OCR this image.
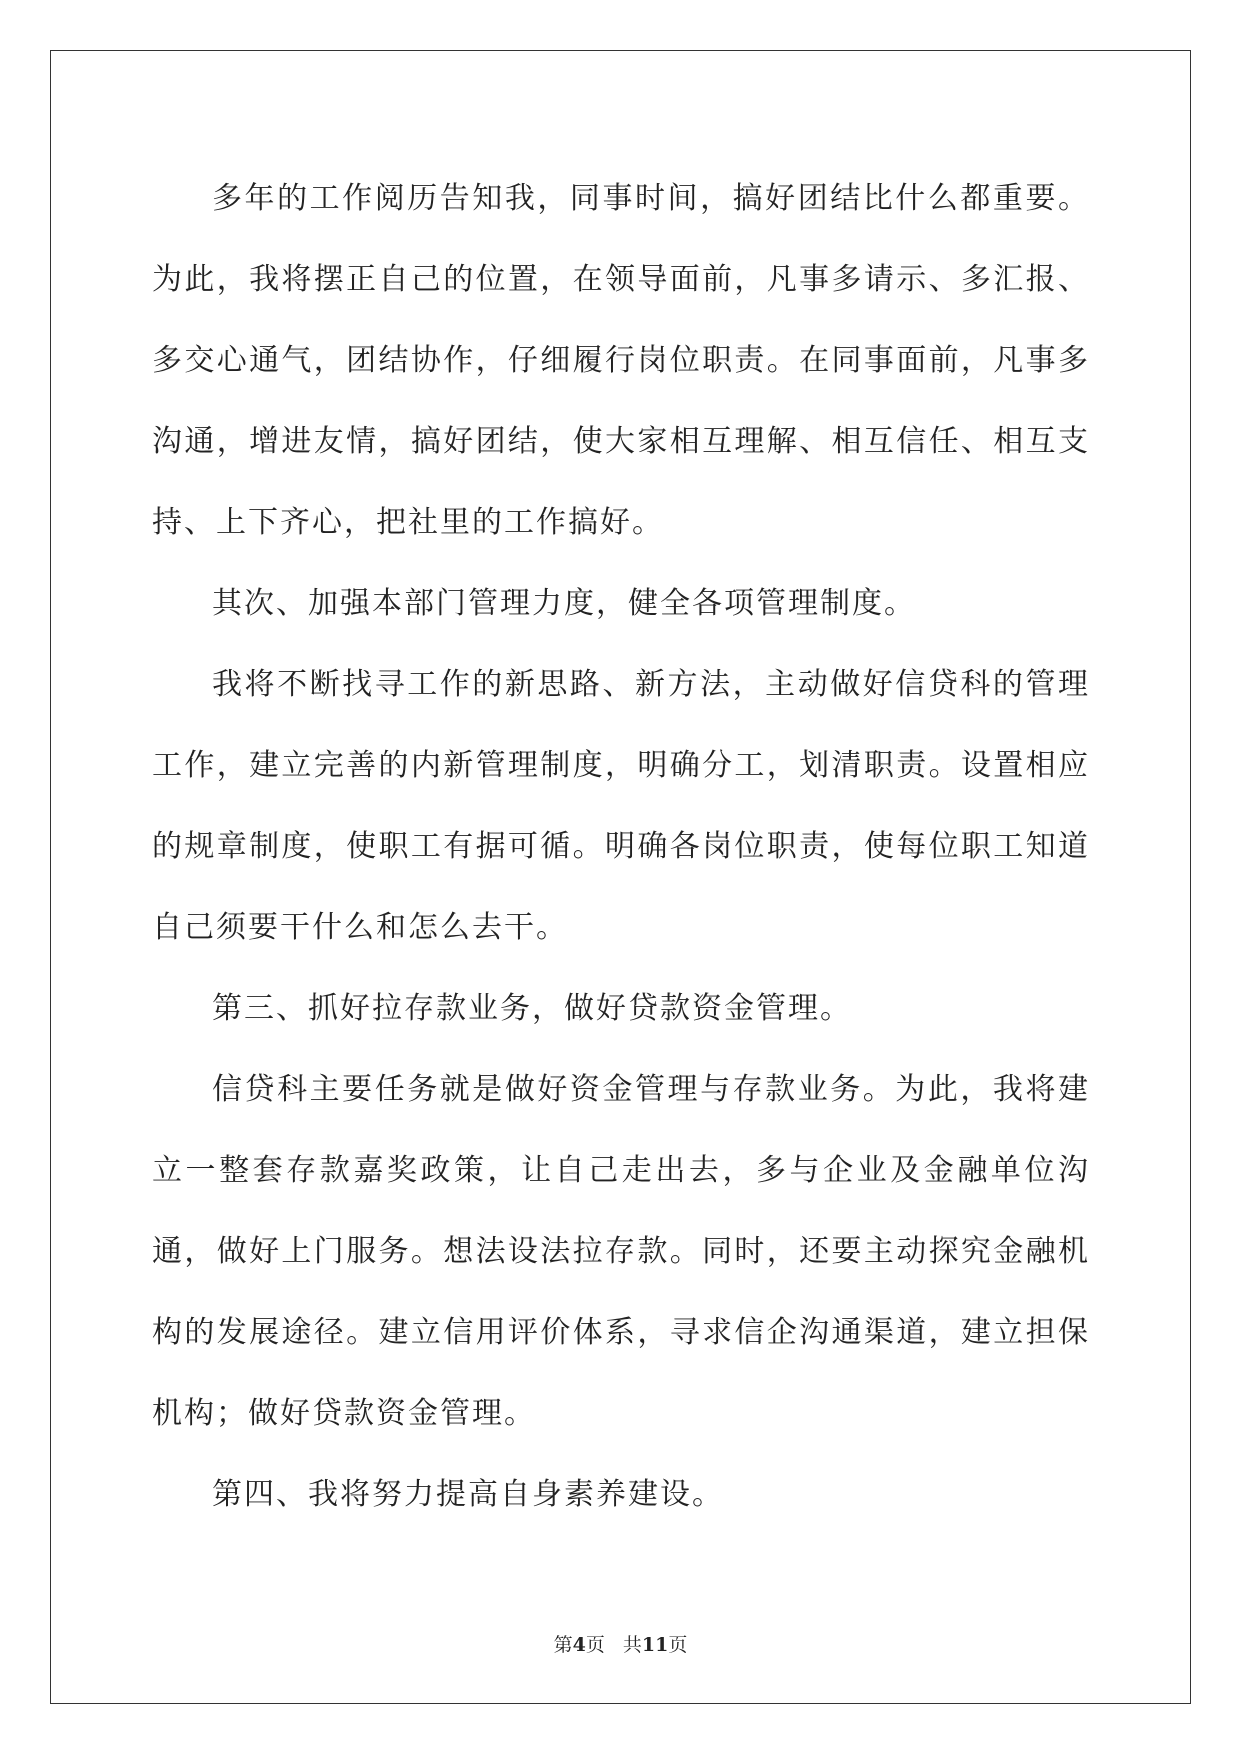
多年的工作阅历告知我，同事时间，搞好团结比什么都重要。为此，我将摆正自己的位置，在领导面前，凡事多请示、多汇报、多交心通气，团结协作，仔细履行岗位职责。在同事面前，凡事多沟通，增进友情，搞好团结，使大家相互理解、相互信任、相互支持、上下齐心，把社里的工作搞好。

其次、加强本部门管理力度，健全各项管理制度。

我将不断找寻工作的新思路、新方法，主动做好信贷科的管理工作，建立完善的内新管理制度，明确分工，划清职责。设置相应的规章制度，使职工有据可循。明确各岗位职责，使每位职工知道自己须要干什么和怎么去干。

第三、抓好拉存款业务，做好贷款资金管理。

信贷科主要任务就是做好资金管理与存款业务。为此，我将建立一整套存款嘉奖政策，让自己走出去，多与企业及金融单位沟通，做好上门服务。想法设法拉存款。同时，还要主动探究金融机构的发展途径。建立信用评价体系，寻求信企沟通渠道，建立担保机构；做好贷款资金管理。

第四、我将努力提高自身素养建设。

第4页 共11页
